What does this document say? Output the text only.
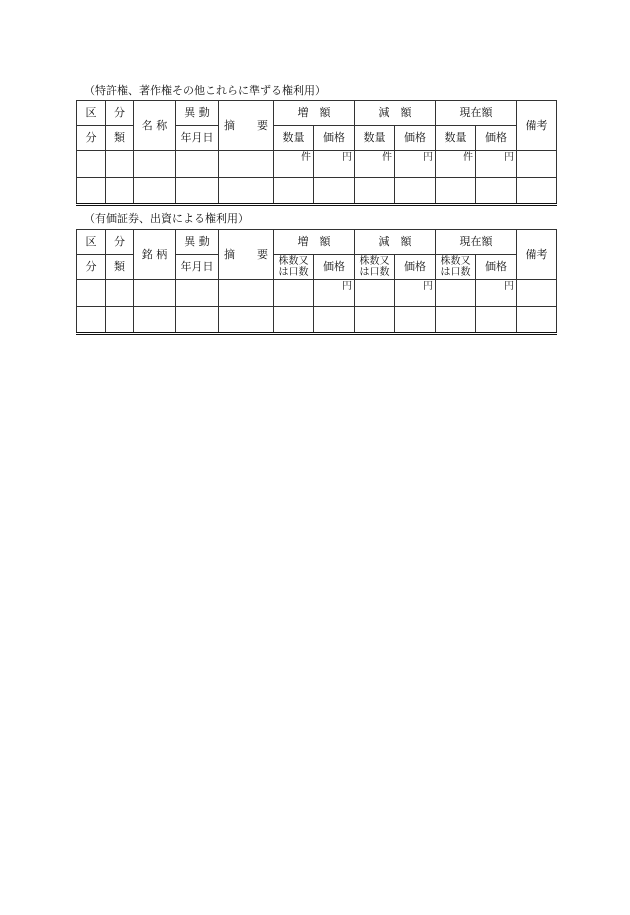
（特許権、著作権その他これらに準ずる権利用）
区	分	名 称	異 動	摘　　要	増　額		減　額		現在額		備考
分	類		年月日		数量	価格	数量	価格	数量	価格	
					件	円	件	円	件	円	

（有価証券、出資による権利用）
区	分	銘 柄	異 動	摘　　要	増　額		減　額		現在額		備考
分	類		年月日		株数又
は口数	価格	株数又
は口数	価格	株数又
は口数	価格	
						円		円		円	
